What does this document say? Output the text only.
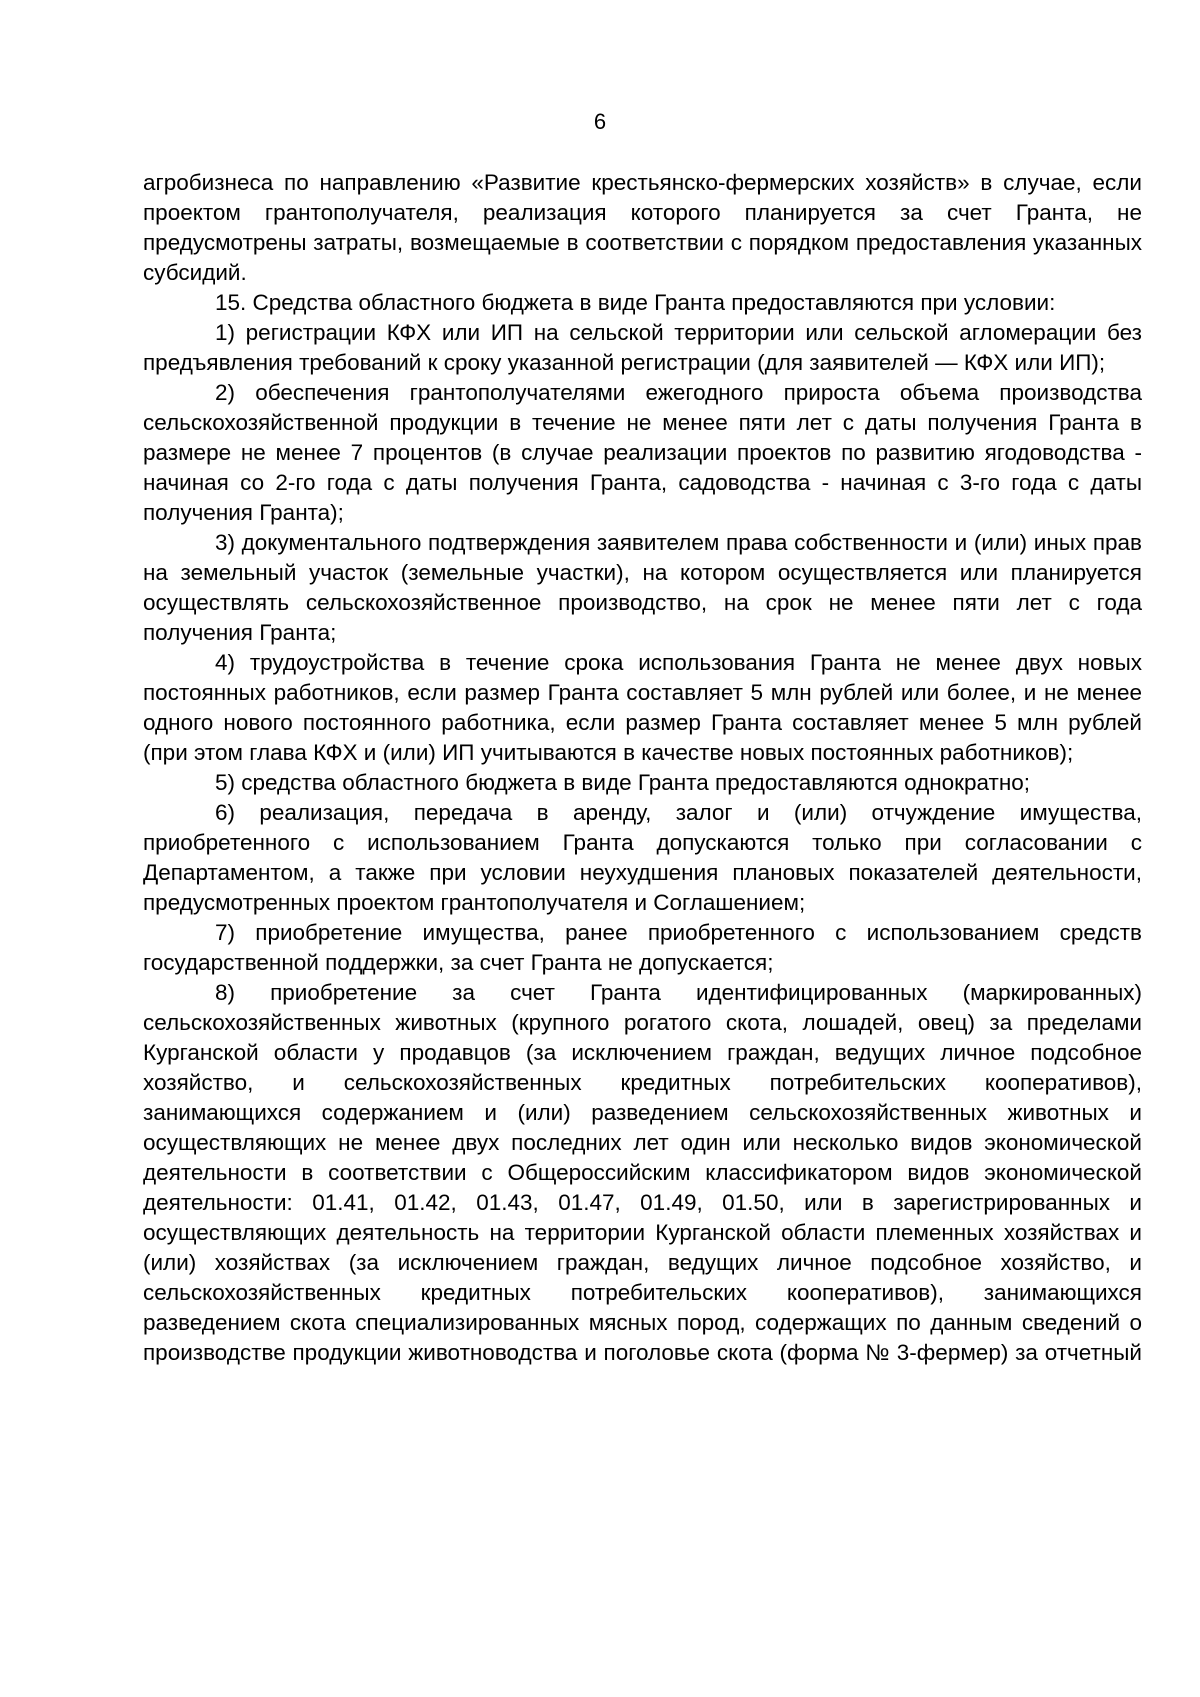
6

агробизнеса по направлению «Развитие крестьянско-фермерских хозяйств» в случае, если проектом грантополучателя, реализация которого планируется за счет Гранта, не предусмотрены затраты, возмещаемые в соответствии с порядком предоставления указанных субсидий.

15. Средства областного бюджета в виде Гранта предоставляются при условии:

1) регистрации КФХ или ИП на сельской территории или сельской агломерации без предъявления требований к сроку указанной регистрации (для заявителей — КФХ или ИП);

2) обеспечения грантополучателями ежегодного прироста объема производства сельскохозяйственной продукции в течение не менее пяти лет с даты получения Гранта в размере не менее 7 процентов (в случае реализации проектов по развитию ягодоводства - начиная со 2-го года с даты получения Гранта, садоводства - начиная с 3-го года с даты получения Гранта);

3) документального подтверждения заявителем права собственности и (или) иных прав на земельный участок (земельные участки), на котором осуществляется или планируется осуществлять сельскохозяйственное производство, на срок не менее пяти лет с года получения Гранта;

4) трудоустройства в течение срока использования Гранта не менее двух новых постоянных работников, если размер Гранта составляет 5 млн рублей или более, и не менее одного нового постоянного работника, если размер Гранта составляет менее 5 млн рублей (при этом глава КФХ и (или) ИП учитываются в качестве новых постоянных работников);

5) средства областного бюджета в виде Гранта предоставляются однократно;

6) реализация, передача в аренду, залог и (или) отчуждение имущества, приобретенного с использованием Гранта допускаются только при согласовании с Департаментом, а также при условии неухудшения плановых показателей деятельности, предусмотренных проектом грантополучателя и Соглашением;

7) приобретение имущества, ранее приобретенного с использованием средств государственной поддержки, за счет Гранта не допускается;

8) приобретение за счет Гранта идентифицированных (маркированных) сельскохозяйственных животных (крупного рогатого скота, лошадей, овец) за пределами Курганской области у продавцов (за исключением граждан, ведущих личное подсобное хозяйство, и сельскохозяйственных кредитных потребительских кооперативов), занимающихся содержанием и (или) разведением сельскохозяйственных животных и осуществляющих не менее двух последних лет один или несколько видов экономической деятельности в соответствии с Общероссийским классификатором видов экономической деятельности: 01.41, 01.42, 01.43, 01.47, 01.49, 01.50, или в зарегистрированных и осуществляющих деятельность на территории Курганской области племенных хозяйствах и (или) хозяйствах (за исключением граждан, ведущих личное подсобное хозяйство, и сельскохозяйственных кредитных потребительских кооперативов), занимающихся разведением скота специализированных мясных пород, содержащих по данным сведений о производстве продукции животноводства и поголовье скота (форма № 3-фермер) за отчетный
